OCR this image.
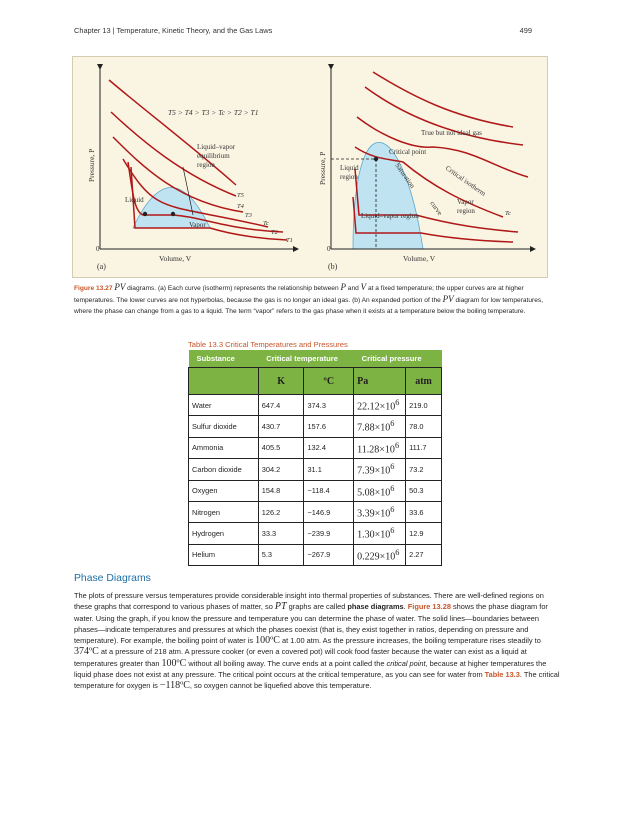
Chapter 13 | Temperature, Kinetic Theory, and the Gas Laws	499
T5 > T4 > T3 > Tc > T2 > T1
Pressure, P
Volume, V
0
(a)
Liquid–vapor
equilibrium
region
Liquid
Vapor
T5
T4
T3
Tc
T2
T1
Pressure, P
Volume, V
0
(b)
True but not ideal gas
Critical point
Liquid
region	Saturation
curve
Critical isotherm
Liquid–vapor region
Vapor
region	Tc
Figure 13.27 PV diagrams. (a) Each curve (isotherm) represents the relationship between P and V at a fixed temperature; the upper curves are at higher temperatures. The lower curves are not hyperbolas, because the gas is no longer an ideal gas. (b) An expanded portion of the PV diagram for low temperatures, where the phase can change from a gas to a liquid. The term “vapor” refers to the gas phase when it exists at a temperature below the boiling temperature.
Table 13.3 Critical Temperatures and Pressures
Substance	Critical temperature		Critical pressure	
	K	ºC	Pa	atm
Water	647.4	374.3	$22.12\times 10^6$	219.0
Sulfur dioxide	430.7	157.6	$7.88\times 10^6$	78.0
Ammonia	405.5	132.4	$11.28\times 10^6$	111.7
Carbon dioxide	304.2	31.1	$7.39\times 10^6$	73.2
Oxygen	154.8	−118.4	$5.08\times 10^6$	50.3
Nitrogen	126.2	−146.9	$3.39\times 10^6$	33.6
Hydrogen	33.3	−239.9	$1.30\times 10^6$	12.9
Helium	5.3	−267.9	$0.229\times 10^6$	2.27
Phase Diagrams
The plots of pressure versus temperatures provide considerable insight into thermal properties of substances. There are well-defined regions on these graphs that correspond to various phases of matter, so PT graphs are called phase diagrams. Figure 13.28 shows the phase diagram for water. Using the graph, if you know the pressure and temperature you can determine the phase of water. The solid lines—boundaries between phases—indicate temperatures and pressures at which the phases coexist (that is, they exist together in ratios, depending on pressure and temperature). For example, the boiling point of water is 100ºC at 1.00 atm. As the pressure increases, the boiling temperature rises steadily to 374ºC at a pressure of 218 atm. A pressure cooker (or even a covered pot) will cook food faster because the water can exist as a liquid at temperatures greater than 100ºC without all boiling away. The curve ends at a point called the critical point, because at higher temperatures the liquid phase does not exist at any pressure. The critical point occurs at the critical temperature, as you can see for water from Table 13.3. The critical temperature for oxygen is −118ºC, so oxygen cannot be liquefied above this temperature.
